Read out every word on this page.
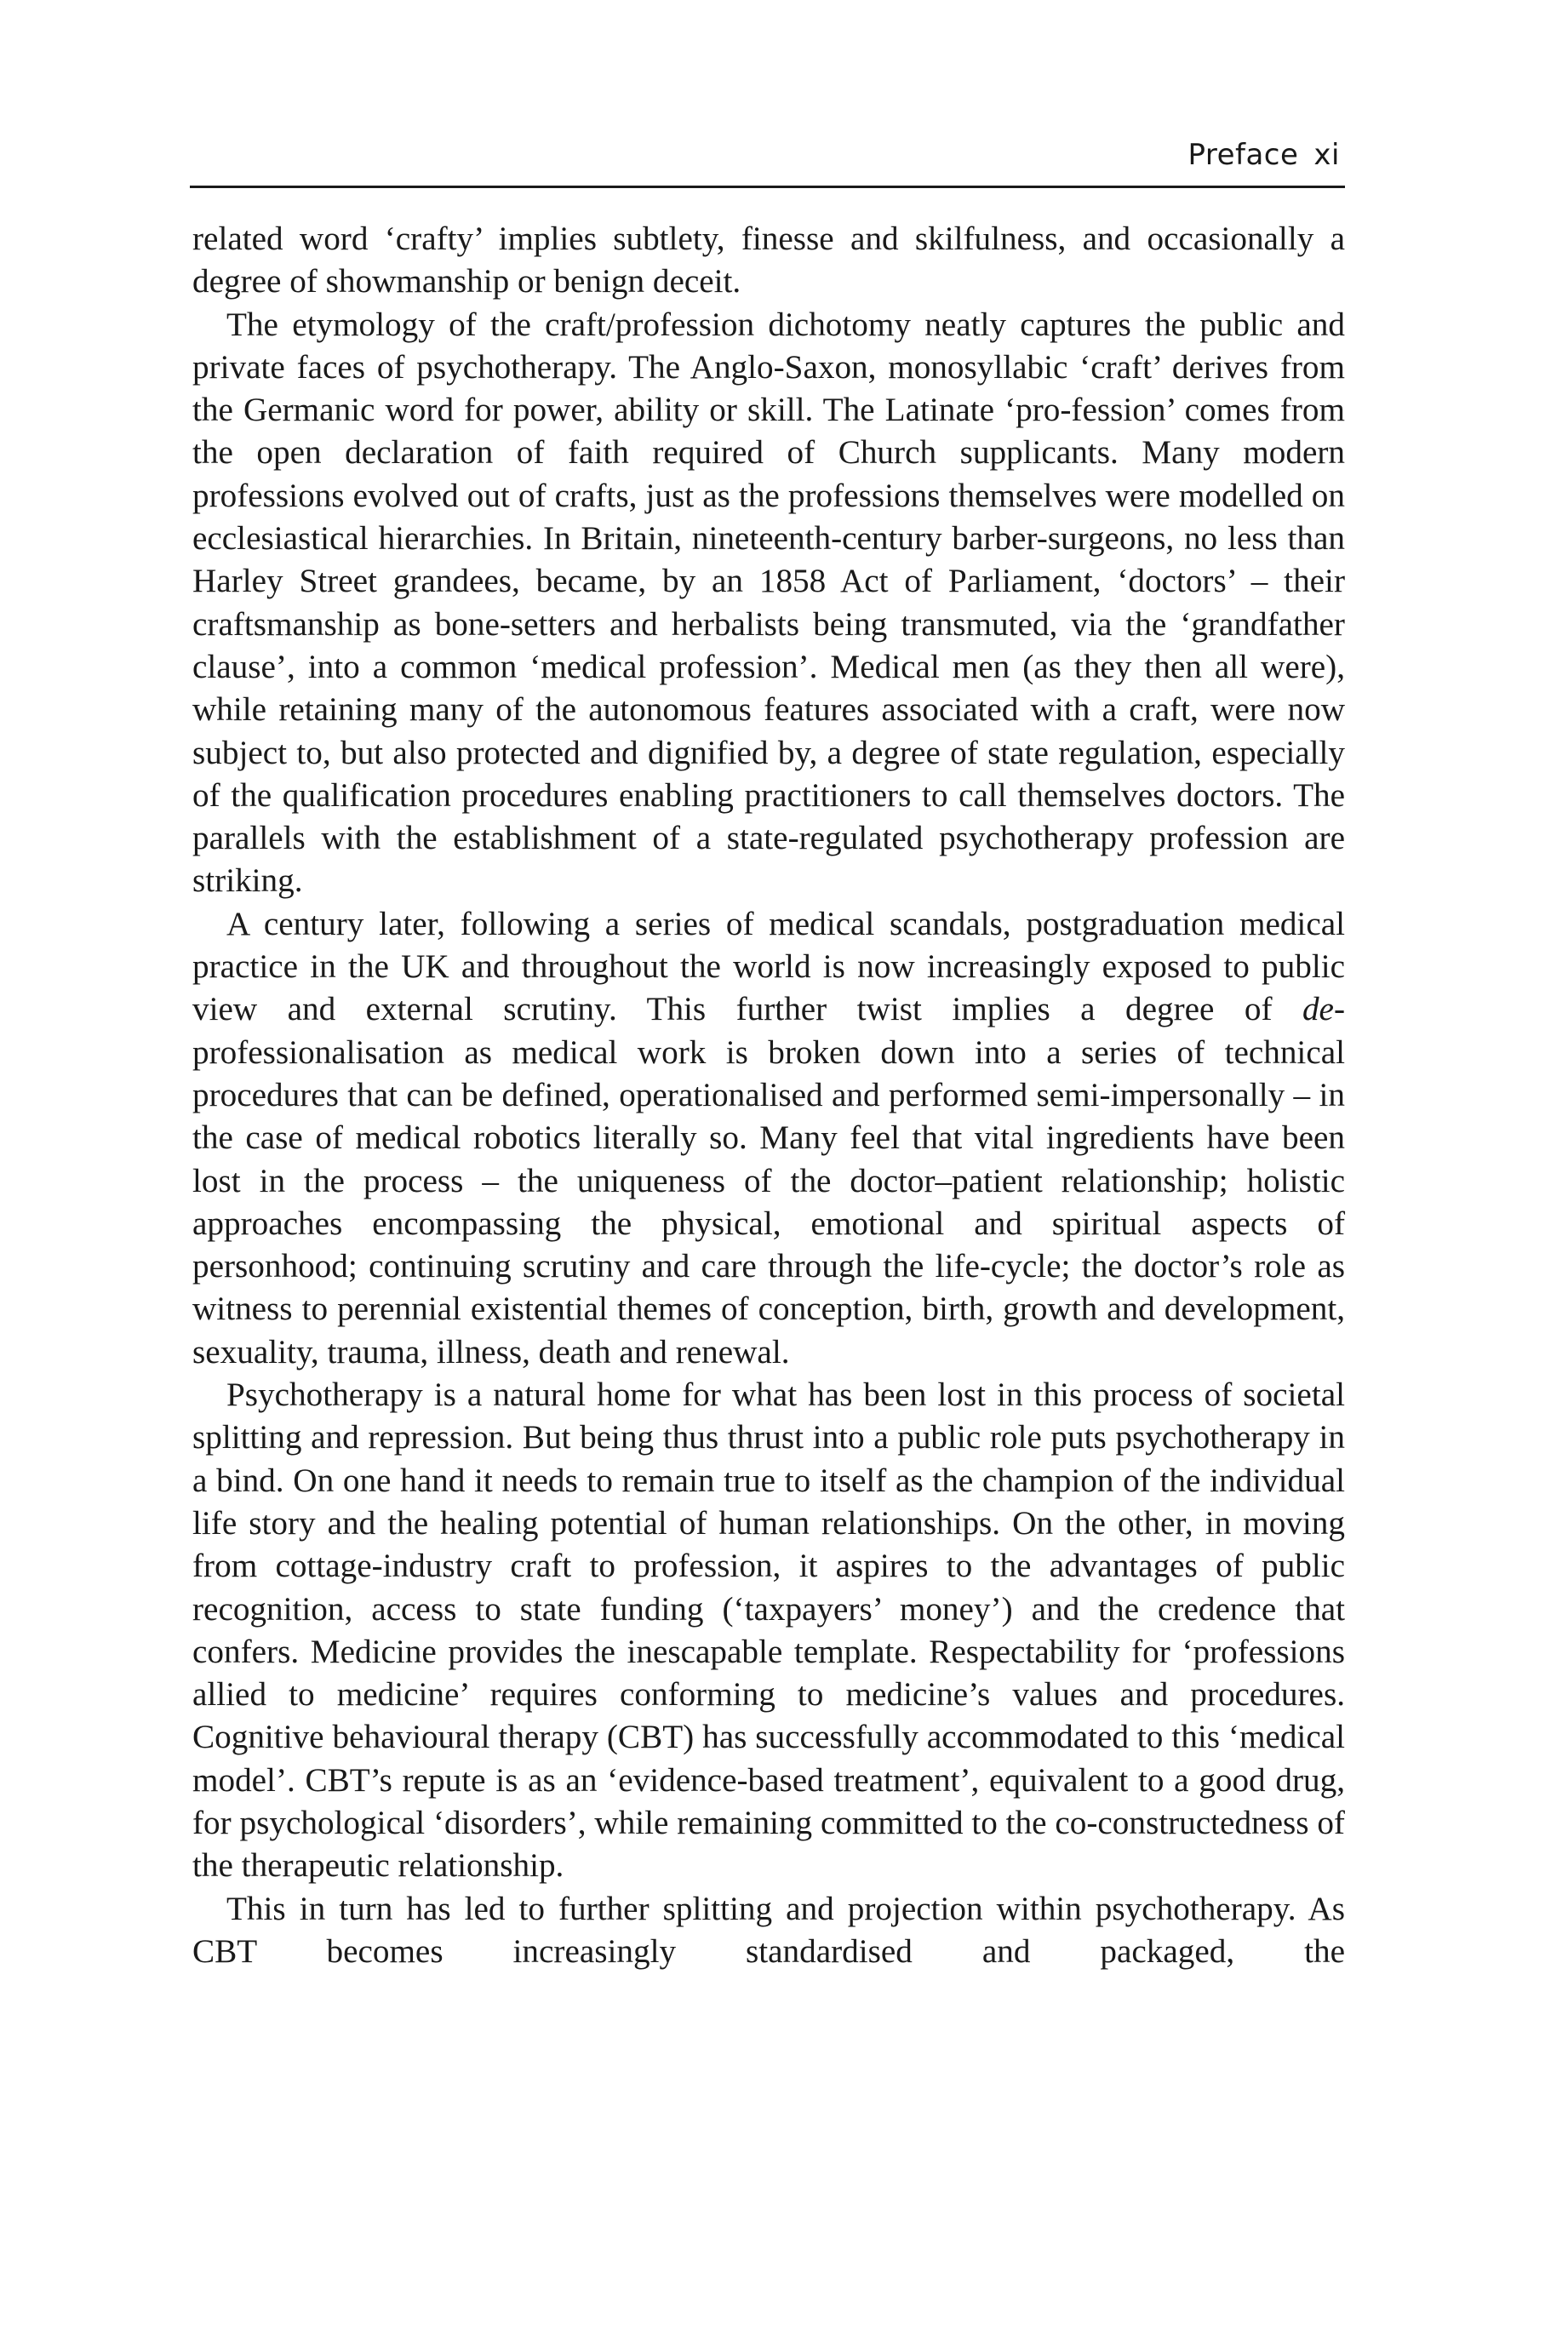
Preface xi

related word ‘crafty’ implies subtlety, finesse and skilfulness, and occasionally a degree of showmanship or benign deceit.

The etymology of the craft/profession dichotomy neatly captures the public and private faces of psychotherapy. The Anglo-Saxon, monosyllabic ‘craft’ derives from the Germanic word for power, ability or skill. The Latinate ‘pro-fession’ comes from the open declaration of faith required of Church supplicants. Many modern professions evolved out of crafts, just as the professions themselves were modelled on ecclesiastical hierarchies. In Britain, nineteenth-century barber-surgeons, no less than Harley Street grandees, became, by an 1858 Act of Parliament, ‘doctors’ – their craftsmanship as bone-setters and herbalists being transmuted, via the ‘grandfather clause’, into a common ‘medical profession’. Medical men (as they then all were), while retaining many of the autonomous features associated with a craft, were now subject to, but also protected and dignified by, a degree of state regulation, especially of the qualification procedures enabling practitioners to call themselves doctors. The parallels with the establishment of a state-regulated psychotherapy profession are striking.

A century later, following a series of medical scandals, postgraduation medical practice in the UK and throughout the world is now increasingly exposed to public view and external scrutiny. This further twist implies a degree of de-professionalisation as medical work is broken down into a series of technical procedures that can be defined, operationalised and performed semi-impersonally – in the case of medical robotics literally so. Many feel that vital ingredients have been lost in the process – the uniqueness of the doctor–patient relationship; holistic approaches encompassing the physical, emotional and spiritual aspects of personhood; continuing scrutiny and care through the life-cycle; the doctor’s role as witness to perennial existential themes of conception, birth, growth and development, sexuality, trauma, illness, death and renewal.

Psychotherapy is a natural home for what has been lost in this process of societal splitting and repression. But being thus thrust into a public role puts psychotherapy in a bind. On one hand it needs to remain true to itself as the champion of the individual life story and the healing potential of human relationships. On the other, in moving from cottage-industry craft to profession, it aspires to the advantages of public recognition, access to state funding (‘taxpayers’ money’) and the credence that confers. Medicine provides the inescapable template. Respectability for ‘professions allied to medicine’ requires conforming to medicine’s values and procedures. Cognitive behavioural therapy (CBT) has successfully accommodated to this ‘medical model’. CBT’s repute is as an ‘evidence-based treatment’, equivalent to a good drug, for psychological ‘disorders’, while remaining committed to the co-constructedness of the therapeutic relationship.

This in turn has led to further splitting and projection within psychotherapy. As CBT becomes increasingly standardised and packaged, the
